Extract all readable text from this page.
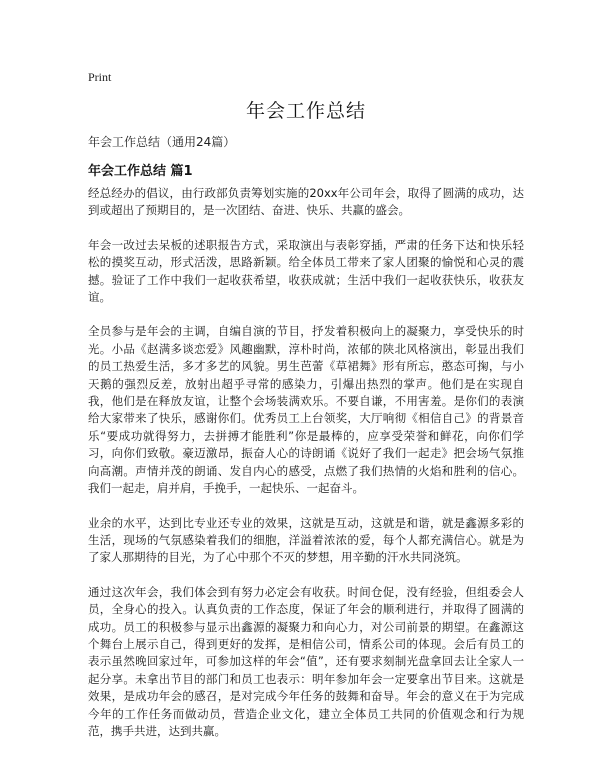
Print
年会工作总结
年会工作总结（通用24篇）
年会工作总结 篇1

经总经办的倡议，由行政部负责筹划实施的20xx年公司年会，取得了圆满的成功，达到或超出了预期目的，是一次团结、奋进、快乐、共赢的盛会。

年会一改过去呆板的述职报告方式，采取演出与表彰穿插，严肃的任务下达和快乐轻松的摸奖互动，形式活泼，思路新颖。给全体员工带来了家人团聚的愉悦和心灵的震撼。验证了工作中我们一起收获希望，收获成就；生活中我们一起收获快乐，收获友谊。

全员参与是年会的主调，自编自演的节目，抒发着积极向上的凝聚力，享受快乐的时光。小品《赵满多谈恋爱》风趣幽默，淳朴时尚，浓郁的陕北风格演出，彰显出我们的员工热爱生活，多才多艺的风貌。男生芭蕾《草裙舞》形有所忘，憨态可掬，与小天鹅的强烈反差，放射出超乎寻常的感染力，引爆出热烈的掌声。他们是在实现自我，他们是在释放友谊，让整个会场装满欢乐。不要自谦，不用害羞。是你们的表演给大家带来了快乐，感谢你们。优秀员工上台领奖，大厅响彻《相信自己》的背景音乐“要成功就得努力，去拼搏才能胜利”你是最棒的，应享受荣誉和鲜花，向你们学习，向你们致敬。豪迈激昂，振奋人心的诗朗诵《说好了我们一起走》把会场气氛推向高潮。声情并茂的朗诵、发自内心的感受，点燃了我们热情的火焰和胜利的信心。我们一起走，肩并肩，手挽手，一起快乐、一起奋斗。

业余的水平，达到比专业还专业的效果，这就是互动，这就是和谐，就是鑫源多彩的生活，现场的气氛感染着我们的细胞，洋溢着浓浓的爱，每个人都充满信心。就是为了家人那期待的目光，为了心中那个不灭的梦想，用辛勤的汗水共同浇筑。

通过这次年会，我们体会到有努力必定会有收获。时间仓促，没有经验，但组委会人员，全身心的投入。认真负责的工作态度，保证了年会的顺利进行，并取得了圆满的成功。员工的积极参与显示出鑫源的凝聚力和向心力，对公司前景的期望。在鑫源这个舞台上展示自己，得到更好的发挥，是相信公司，情系公司的体现。会后有员工的表示虽然晚回家过年，可参加这样的年会“值”，还有要求刻制光盘拿回去让全家人一起分享。未拿出节目的部门和员工也表示：明年参加年会一定要拿出节目来。这就是效果，是成功年会的感召，是对完成今年任务的鼓舞和奋导。年会的意义在于为完成今年的工作任务而做动员，营造企业文化，建立全体员工共同的价值观念和行为规范，携手共进，达到共赢。
